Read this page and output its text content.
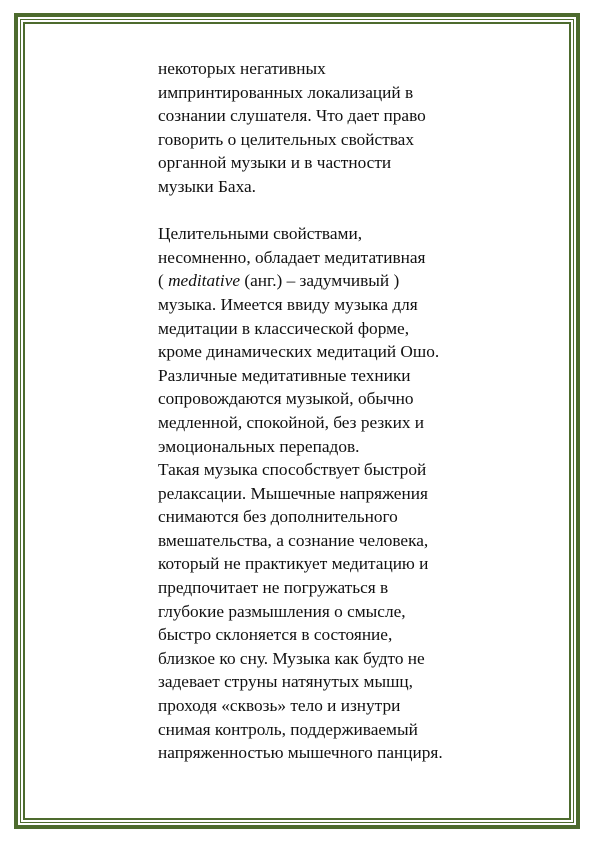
некоторых негативных
импринтированных локализаций в
сознании слушателя. Что дает право
говорить о целительных свойствах
органной музыки и в частности
музыки Баха.

Целительными свойствами,
несомненно, обладает медитативная
( meditative (анг.) – задумчивый )
музыка. Имеется ввиду музыка для
медитации в классической форме,
кроме динамических медитаций Ошо.
Различные медитативные техники
сопровождаются музыкой, обычно
медленной, спокойной, без резких и
эмоциональных перепадов.

Такая музыка способствует быстрой
релаксации. Мышечные напряжения
снимаются без дополнительного
вмешательства, а сознание человека,
который не практикует медитацию и
предпочитает не погружаться в
глубокие размышления о смысле,
быстро склоняется в состояние,
близкое ко сну. Музыка как будто не
задевает струны натянутых мышц,
проходя «сквозь» тело и изнутри
снимая контроль, поддерживаемый
напряженностью мышечного панциря.
